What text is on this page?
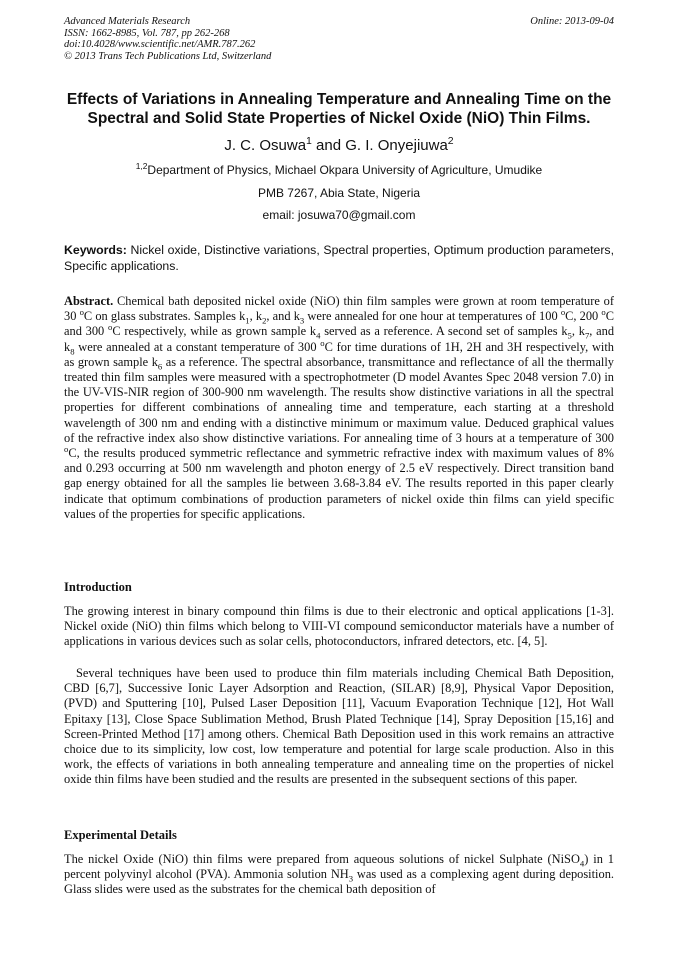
Advanced Materials Research
ISSN: 1662-8985, Vol. 787, pp 262-268
doi:10.4028/www.scientific.net/AMR.787.262
© 2013 Trans Tech Publications Ltd, Switzerland
Online: 2013-09-04
Effects of Variations in Annealing Temperature and Annealing Time on the Spectral and Solid State Properties of Nickel Oxide (NiO) Thin Films.
J. C. Osuwa$^1$ and G. I. Onyejiuwa$^2$
$^{1,2}$Department of Physics, Michael Okpara University of Agriculture, Umudike
PMB 7267, Abia State, Nigeria
email: josuwa70@gmail.com
Keywords: Nickel oxide, Distinctive variations, Spectral properties, Optimum production parameters, Specific applications.
Abstract. Chemical bath deposited nickel oxide (NiO) thin film samples were grown at room temperature of 30 $^o$C on glass substrates. Samples $k_1$, $k_2$, and $k_3$ were annealed for one hour at temperatures of 100 $^o$C, 200 $^o$C and 300 $^o$C respectively, while as grown sample $k_4$ served as a reference. A second set of samples $k_5$, $k_7$, and $k_8$ were annealed at a constant temperature of 300 $^o$C for time durations of 1H, 2H and 3H respectively, with as grown sample $k_6$ as a reference. The spectral absorbance, transmittance and reflectance of all the thermally treated thin film samples were measured with a spectrophotmeter (D model Avantes Spec 2048 version 7.0) in the UV-VIS-NIR region of 300-900 nm wavelength. The results show distinctive variations in all the spectral properties for different combinations of annealing time and temperature, each starting at a threshold wavelength of 300 nm and ending with a distinctive minimum or maximum value. Deduced graphical values of the refractive index also show distinctive variations. For annealing time of 3 hours at a temperature of 300 $^o$C, the results produced symmetric reflectance and symmetric refractive index with maximum values of 8% and 0.293 occurring at 500 nm wavelength and photon energy of 2.5 eV respectively. Direct transition band gap energy obtained for all the samples lie between 3.68-3.84 eV. The results reported in this paper clearly indicate that optimum combinations of production parameters of nickel oxide thin films can yield specific values of the properties for specific applications.
Introduction
The growing interest in binary compound thin films is due to their electronic and optical applications [1-3]. Nickel oxide (NiO) thin films which belong to VIII-VI compound semiconductor materials have a number of applications in various devices such as solar cells, photoconductors, infrared detectors, etc. [4, 5].
Several techniques have been used to produce thin film materials including Chemical Bath Deposition, CBD [6,7], Successive Ionic Layer Adsorption and Reaction, (SILAR) [8,9], Physical Vapor Deposition, (PVD) and Sputtering [10], Pulsed Laser Deposition [11], Vacuum Evaporation Technique [12], Hot Wall Epitaxy [13], Close Space Sublimation Method, Brush Plated Technique [14], Spray Deposition [15,16] and Screen-Printed Method [17] among others. Chemical Bath Deposition used in this work remains an attractive choice due to its simplicity, low cost, low temperature and potential for large scale production. Also in this work, the effects of variations in both annealing temperature and annealing time on the properties of nickel oxide thin films have been studied and the results are presented in the subsequent sections of this paper.
Experimental Details
The nickel Oxide (NiO) thin films were prepared from aqueous solutions of nickel Sulphate (NiSO$_4$) in 1 percent polyvinyl alcohol (PVA). Ammonia solution $NH_3$ was used as a complexing agent during deposition. Glass slides were used as the substrates for the chemical bath deposition of
